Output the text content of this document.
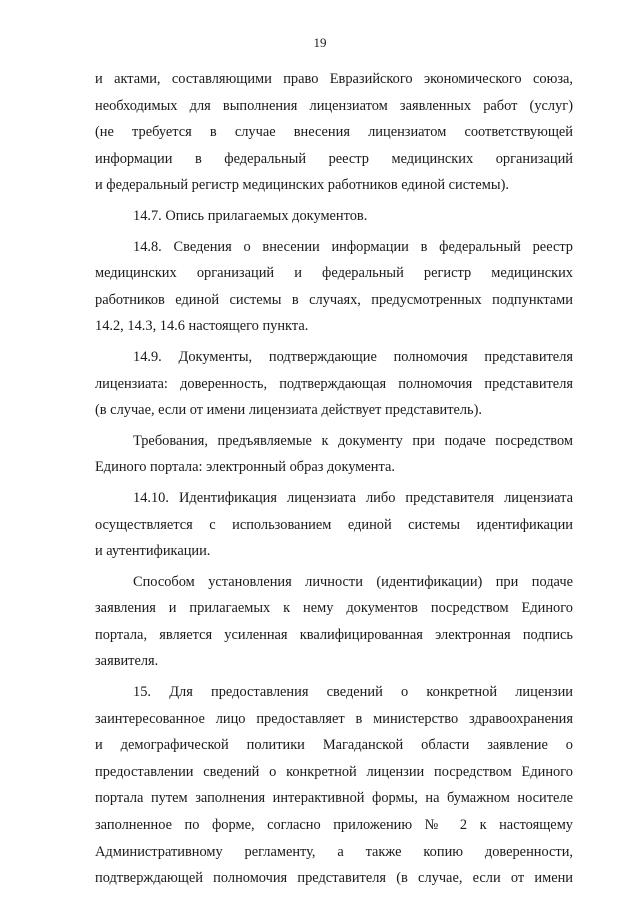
19
и актами, составляющими право Евразийского экономического союза,
необходимых для выполнения лицензиатом заявленных работ (услуг)
(не требуется в случае внесения лицензиатом соответствующей
информации в федеральный реестр медицинских организаций
и федеральный регистр медицинских работников единой системы).
14.7. Опись прилагаемых документов.
14.8. Сведения о внесении информации в федеральный реестр
медицинских организаций и федеральный регистр медицинских
работников единой системы в случаях, предусмотренных подпунктами
14.2, 14.3, 14.6 настоящего пункта.
14.9. Документы, подтверждающие полномочия представителя
лицензиата: доверенность, подтверждающая полномочия представителя
(в случае, если от имени лицензиата действует представитель).
Требования, предъявляемые к документу при подаче посредством
Единого портала: электронный образ документа.
14.10. Идентификация лицензиата либо представителя лицензиата
осуществляется с использованием единой системы идентификации
и аутентификации.
Способом установления личности (идентификации) при подаче
заявления и прилагаемых к нему документов посредством Единого
портала, является усиленная квалифицированная электронная подпись
заявителя.
15. Для предоставления сведений о конкретной лицензии
заинтересованное лицо предоставляет в министерство здравоохранения
и демографической политики Магаданской области заявление о
предоставлении сведений о конкретной лицензии посредством Единого
портала путем заполнения интерактивной формы, на бумажном носителе
заполненное по форме, согласно приложению № 2 к настоящему
Административному регламенту, а также копию доверенности,
подтверждающей полномочия представителя (в случае, если от имени
